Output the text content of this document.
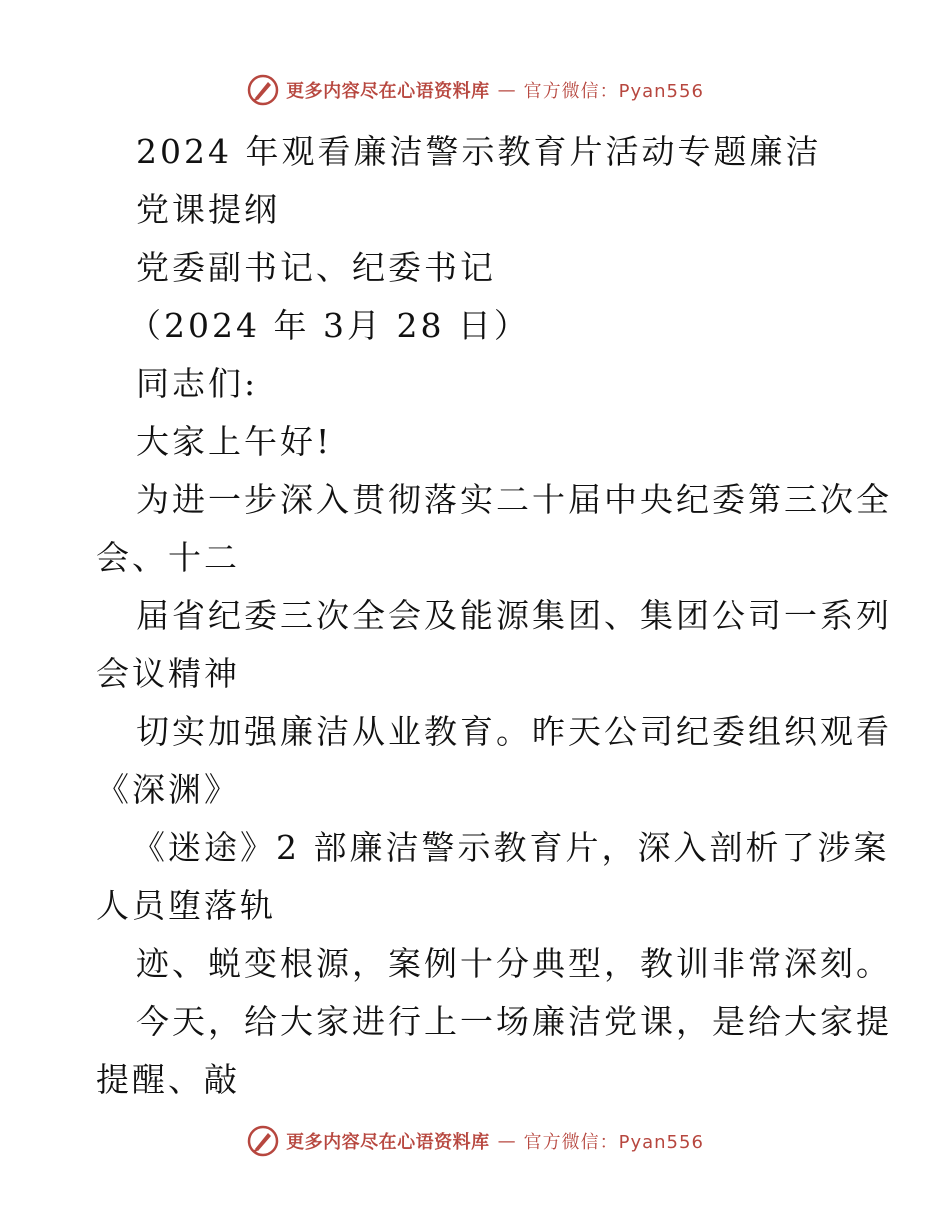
更多内容尽在心语资料库 — 官方微信：Pyan556
2024 年观看廉洁警示教育片活动专题廉洁
党课提纲
党委副书记、纪委书记
（2024 年 3月 28 日）
同志们:
大家上午好!
为进一步深入贯彻落实二十届中央纪委第三次全
会、十二
届省纪委三次全会及能源集团、集团公司一系列
会议精神
切实加强廉洁从业教育。昨天公司纪委组织观看
《深渊》
《迷途》2 部廉洁警示教育片，深入剖析了涉案
人员堕落轨
迹、蜕变根源，案例十分典型，教训非常深刻。
今天，给大家进行上一场廉洁党课，是给大家提
提醒、敲
更多内容尽在心语资料库 — 官方微信：Pyan556
